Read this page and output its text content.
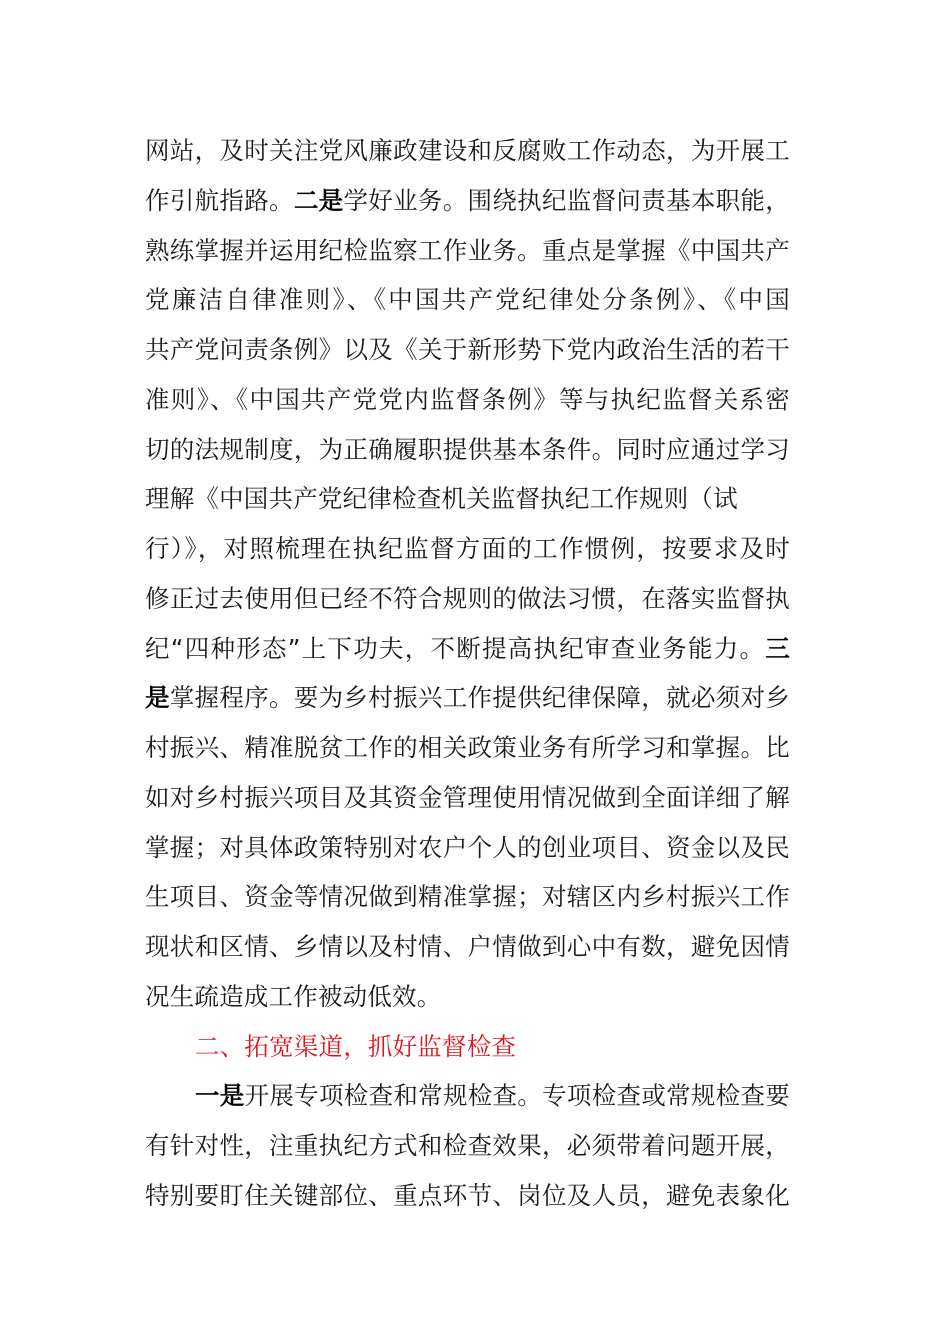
网站，及时关注党风廉政建设和反腐败工作动态，为开展工
作引航指路。二是学好业务。围绕执纪监督问责基本职能，
熟练掌握并运用纪检监察工作业务。重点是掌握《中国共产
党廉洁自律准则》、《中国共产党纪律处分条例》、《中国
共产党问责条例》以及《关于新形势下党内政治生活的若干
准则》、《中国共产党党内监督条例》等与执纪监督关系密
切的法规制度，为正确履职提供基本条件。同时应通过学习
理解《中国共产党纪律检查机关监督执纪工作规则（试
行）》，对照梳理在执纪监督方面的工作惯例，按要求及时
修正过去使用但已经不符合规则的做法习惯，在落实监督执
纪“四种形态”上下功夫，不断提高执纪审查业务能力。三
是掌握程序。要为乡村振兴工作提供纪律保障，就必须对乡
村振兴、精准脱贫工作的相关政策业务有所学习和掌握。比
如对乡村振兴项目及其资金管理使用情况做到全面详细了解
掌握；对具体政策特别对农户个人的创业项目、资金以及民
生项目、资金等情况做到精准掌握；对辖区内乡村振兴工作
现状和区情、乡情以及村情、户情做到心中有数，避免因情
况生疏造成工作被动低效。
二、拓宽渠道，抓好监督检查
一是开展专项检查和常规检查。专项检查或常规检查要
有针对性，注重执纪方式和检查效果，必须带着问题开展，
特别要盯住关键部位、重点环节、岗位及人员，避免表象化
